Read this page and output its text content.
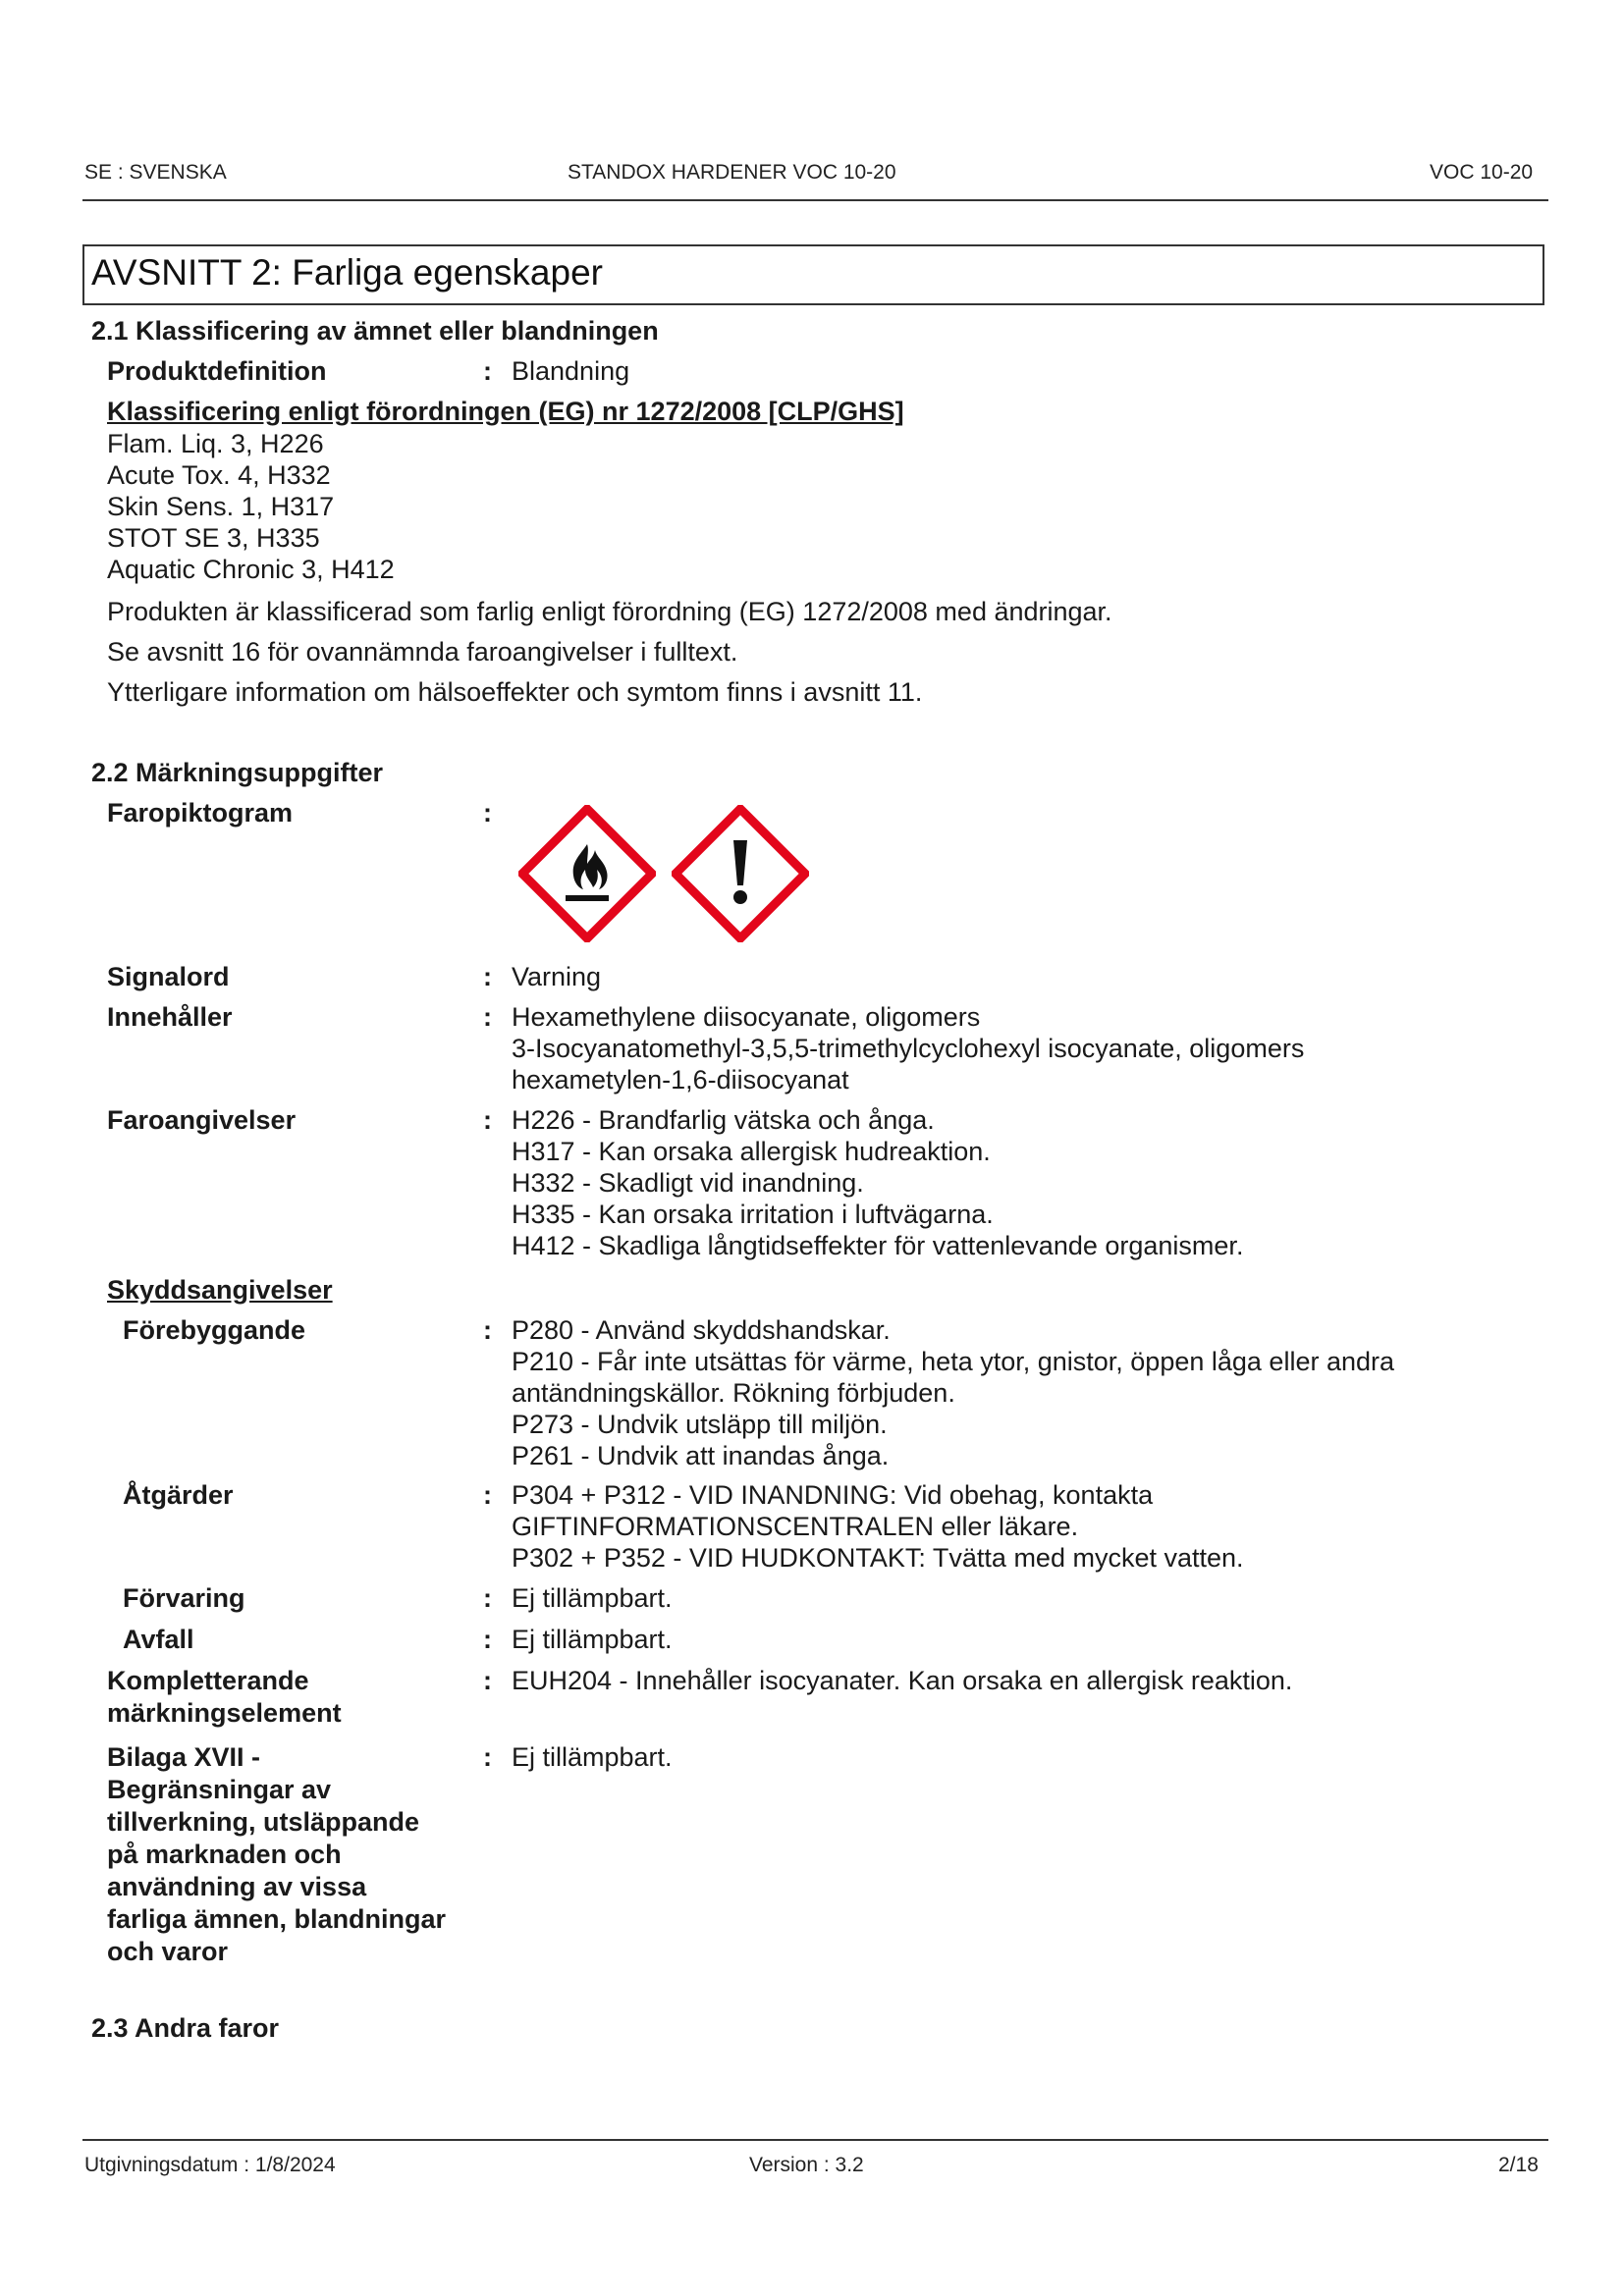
SE : SVENSKA	STANDOX HARDENER VOC 10-20	VOC 10-20
AVSNITT 2: Farliga egenskaper
2.1 Klassificering av ämnet eller blandningen
Produktdefinition	: Blandning
Klassificering enligt förordningen (EG) nr 1272/2008 [CLP/GHS]
Flam. Liq. 3, H226
Acute Tox. 4, H332
Skin Sens. 1, H317
STOT SE 3, H335
Aquatic Chronic 3, H412
Produkten är klassificerad som farlig enligt förordning (EG) 1272/2008 med ändringar.
Se avsnitt 16 för ovannämnda faroangivelser i fulltext.
Ytterligare information om hälsoeffekter och symtom finns i avsnitt 11.
2.2 Märkningsuppgifter
Faropiktogram	:
Signalord	: Varning
Innehåller	: Hexamethylene diisocyanate, oligomers
3-Isocyanatomethyl-3,5,5-trimethylcyclohexyl isocyanate, oligomers
hexametylen-1,6-diisocyanat
Faroangivelser	: H226 - Brandfarlig vätska och ånga.
H317 - Kan orsaka allergisk hudreaktion.
H332 - Skadligt vid inandning.
H335 - Kan orsaka irritation i luftvägarna.
H412 - Skadliga långtidseffekter för vattenlevande organismer.
Skyddsangivelser
Förebyggande	: P280 - Använd skyddshandskar.
P210 - Får inte utsättas för värme, heta ytor, gnistor, öppen låga eller andra
antändningskällor. Rökning förbjuden.
P273 - Undvik utsläpp till miljön.
P261 - Undvik att inandas ånga.
Åtgärder	: P304 + P312 - VID INANDNING: Vid obehag, kontakta
GIFTINFORMATIONSCENTRALEN eller läkare.
P302 + P352 - VID HUDKONTAKT: Tvätta med mycket vatten.
Förvaring	: Ej tillämpbart.
Avfall	: Ej tillämpbart.
Kompletterande
märkningselement
: EUH204 - Innehåller isocyanater. Kan orsaka en allergisk reaktion.
Bilaga XVII -
Begränsningar av
tillverkning, utsläppande
på marknaden och
användning av vissa
farliga ämnen, blandningar
och varor
: Ej tillämpbart.
2.3 Andra faror
Utgivningsdatum : 1/8/2024	Version : 3.2	2/18
